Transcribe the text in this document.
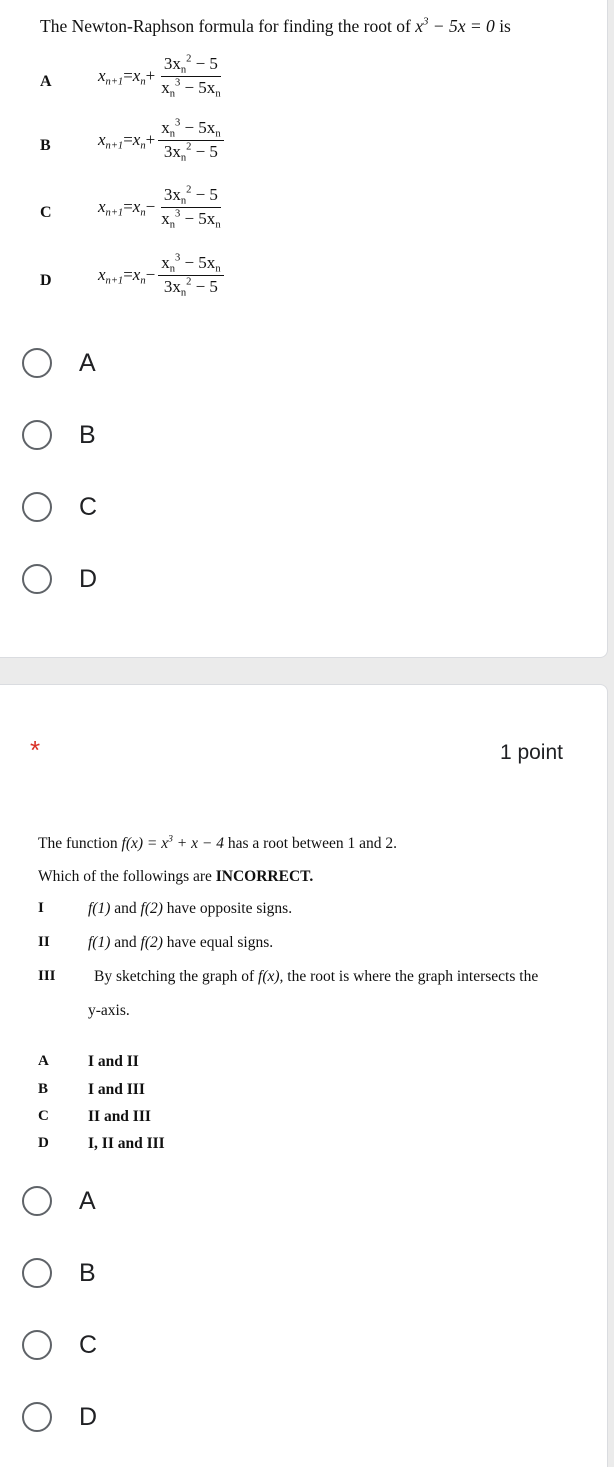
The Newton-Raphson formula for finding the root of $x^3 - 5x = 0$ is
A	$x_{n+1} = x_n + \frac{3x_n^2 - 5}{x_n^3 - 5x_n}$
B	$x_{n+1} = x_n + \frac{x_n^3 - 5x_n}{3x_n^2 - 5}$
C	$x_{n+1} = x_n - \frac{3x_n^2 - 5}{x_n^3 - 5x_n}$
D	$x_{n+1} = x_n - \frac{x_n^3 - 5x_n}{3x_n^2 - 5}$
A
B
C
D
*	1 point
The function $f(x) = x^3 + x - 4$ has a root between 1 and 2.
Which of the followings are INCORRECT.
I	f(1) and f(2) have opposite signs.
II f(1) and f(2) have equal signs.
III By sketching the graph of f(x), the root is where the graph intersects the
y-axis.
A	I and II
B	I and III
C	II and III
D	I, II and III
A
B
C
D
